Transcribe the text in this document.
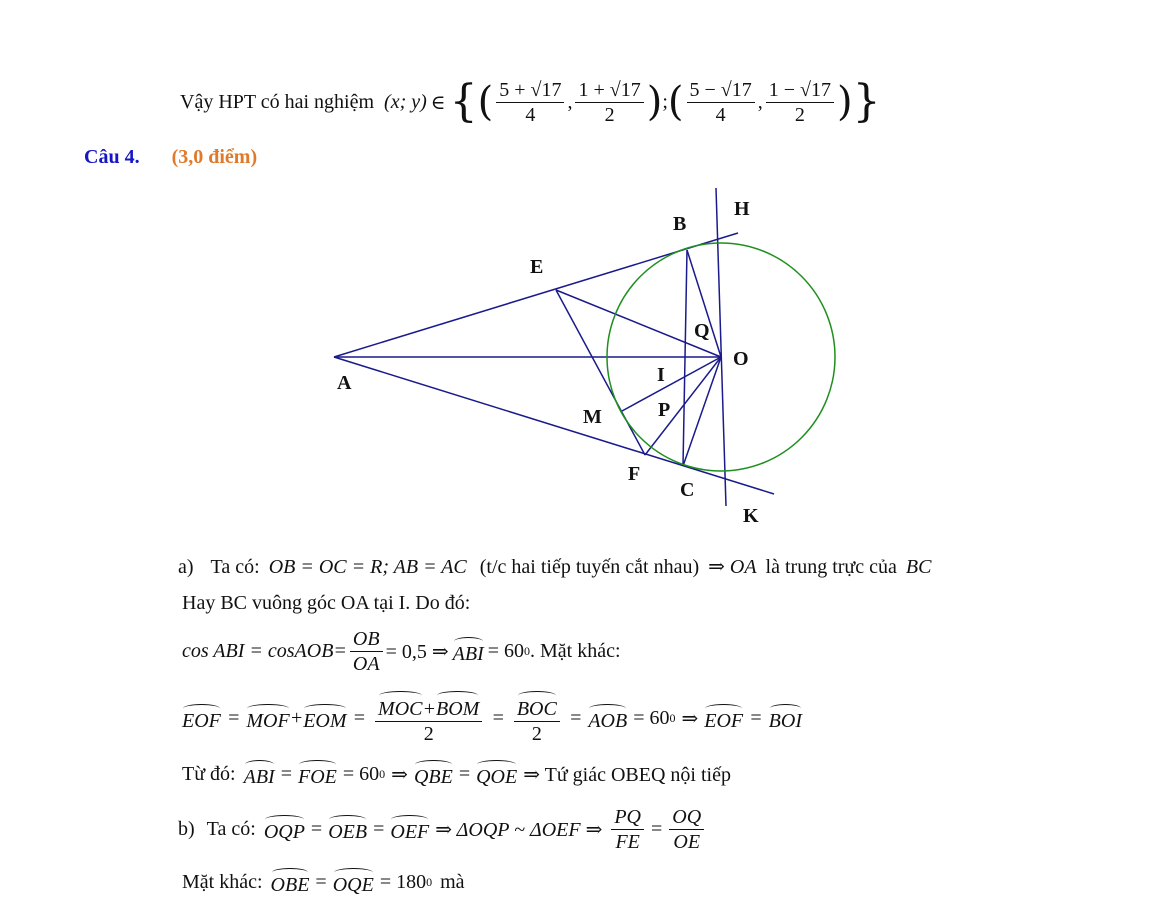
Vậy HPT có hai nghiệm (x; y) ∈ { ( $\frac{5 + √17}{4}$ , $\frac{1 + √17}{2}$ ) ; ( $\frac{5 - √17}{4}$ , $\frac{1 - √17}{2}$ ) }
Câu 4. (3,0 điểm)
A
B
C
E
F
H
I
K
M
O
P
Q
a) Ta có: OB = OC = R; AB = AC (t/c hai tiếp tuyến cắt nhau) ⇒ OA là trung trực của BC
Hay BC vuông góc OA tại I. Do đó:
cos ABI = cosAOB= $\frac{OB}{OA} = 0,5$ ⇒ ABI = 60 0 . Mặt khác:
EOF = MOF + EOM = $\frac{\text{MOC+BOM}}{2} = \frac{\text{BOC}}{2}$ = AOB = 60 0 ⇒ EOF = BOI
Từ đó: ABI = FOE = 60 0 ⇒ QBE = QOE ⇒ Tứ giác OBEQ nội tiếp
b) Ta có: OQP = OEB = OEF ⇒ ΔOQP ~ ΔOEF ⇒ $\frac{PQ}{FE} = \frac{OQ}{OE}$
Mặt khác: OBE = OQE = 180 0 mà
